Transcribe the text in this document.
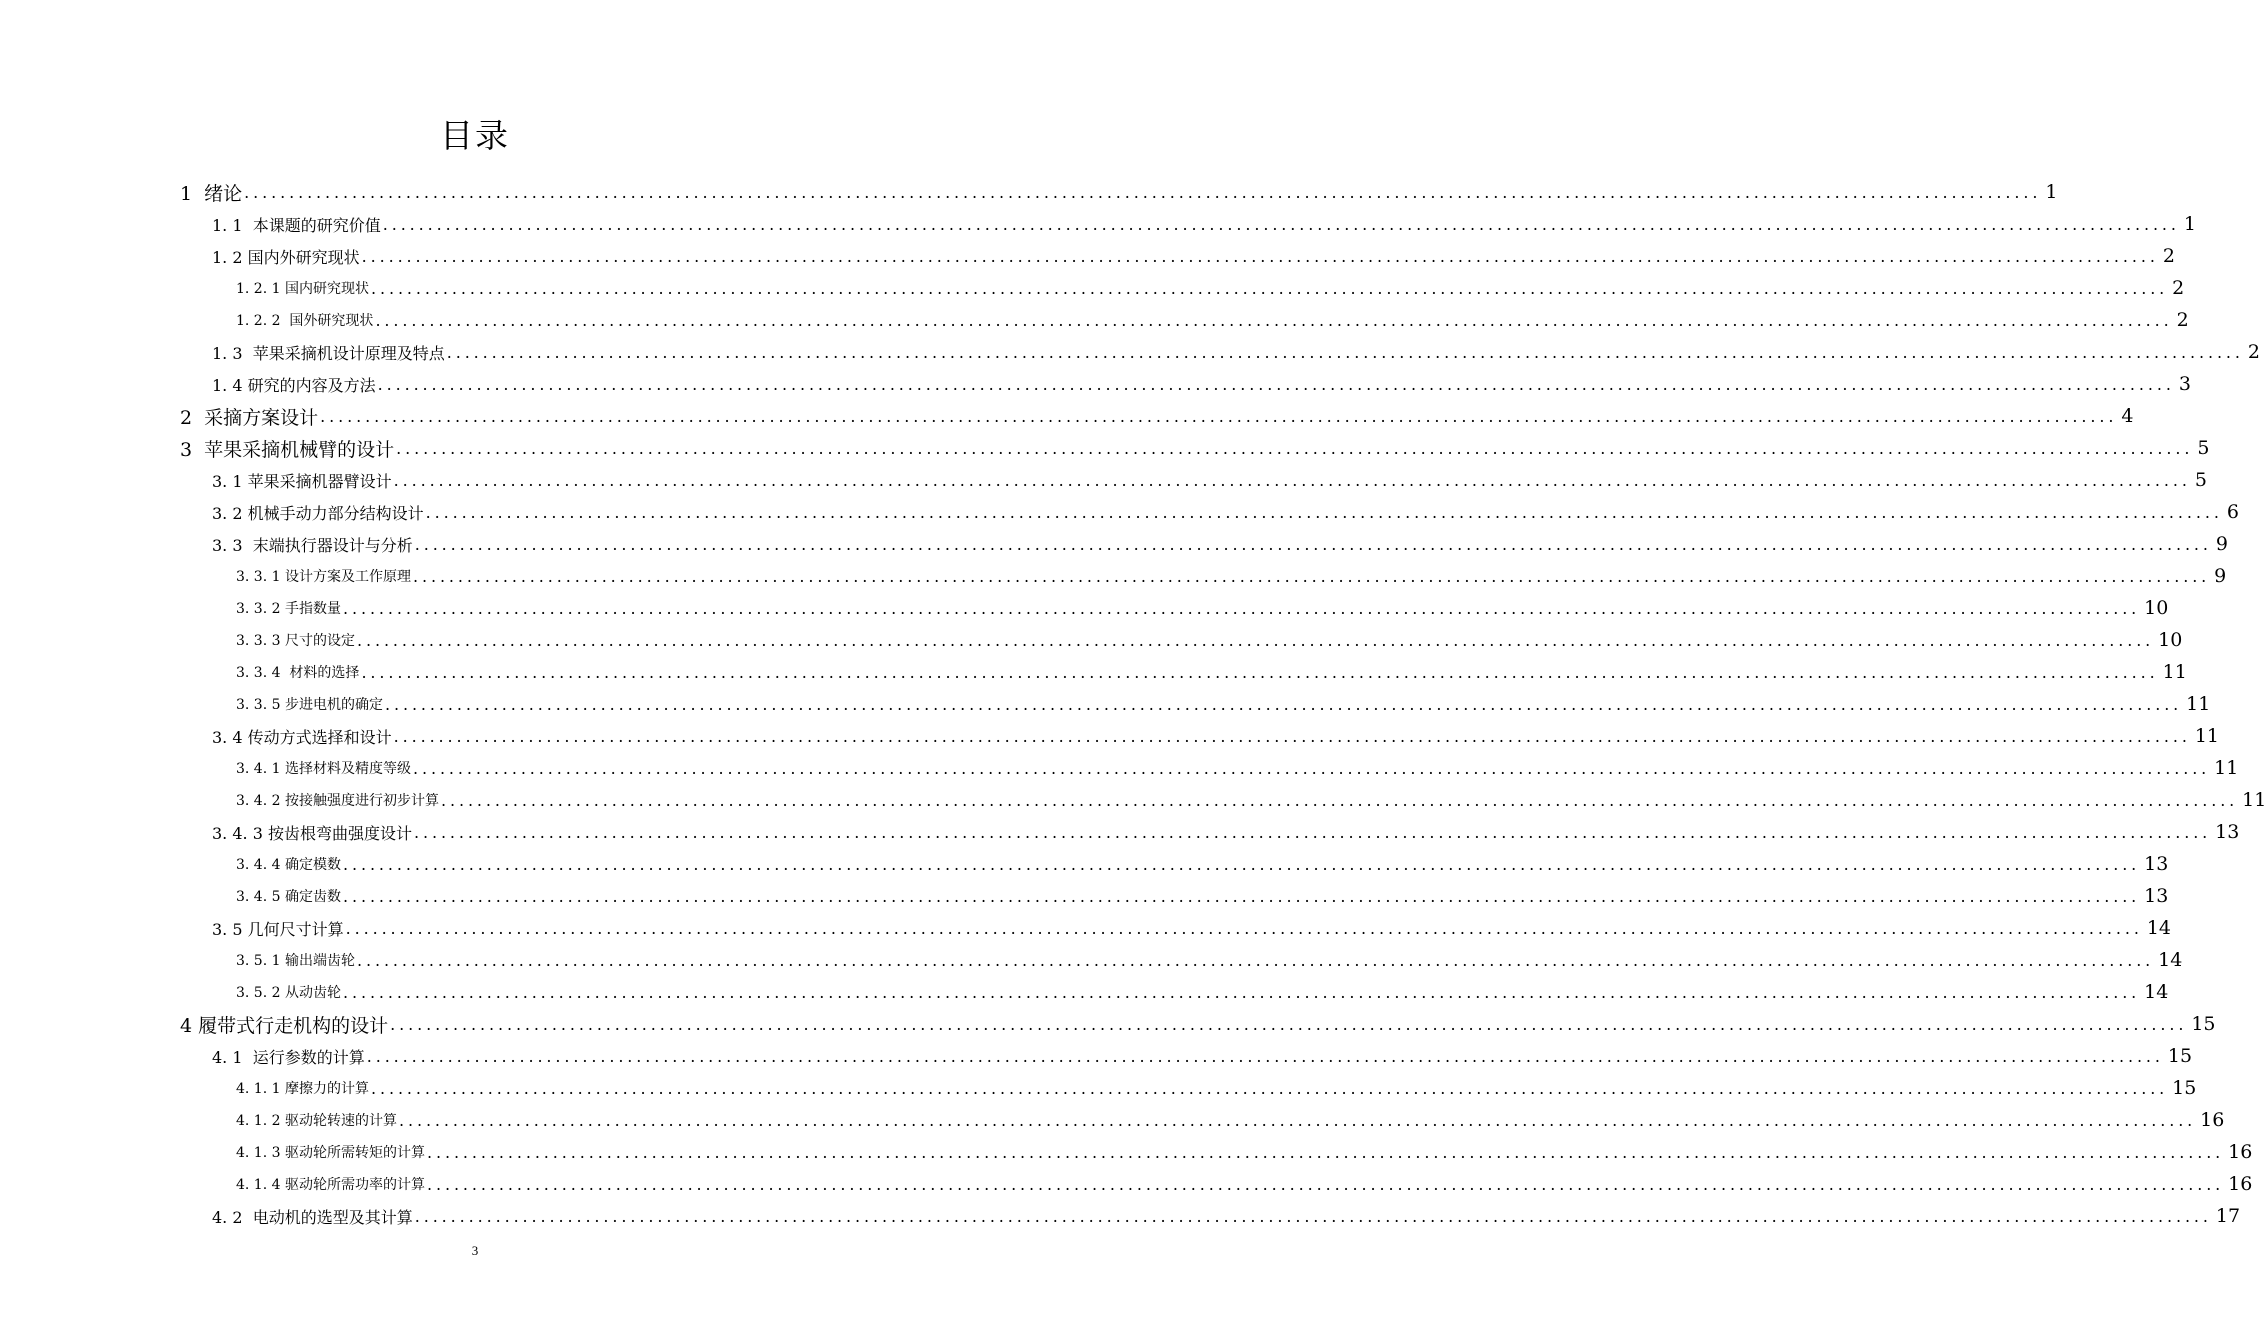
目录
1  绪论 ........................................................................................................................................................................................................ 1
1. 1  本课题的研究价值 ........................................................................................................................................................................................................ 1
1. 2 国内外研究现状 ........................................................................................................................................................................................................ 2
1. 2. 1 国内研究现状 ........................................................................................................................................................................................................ 2
1. 2. 2  国外研究现状 ........................................................................................................................................................................................................ 2
1. 3  苹果采摘机设计原理及特点 ........................................................................................................................................................................................................ 2
1. 4 研究的内容及方法 ........................................................................................................................................................................................................ 3
2  采摘方案设计 ........................................................................................................................................................................................................ 4
3  苹果采摘机械臂的设计 ........................................................................................................................................................................................................ 5
3. 1 苹果采摘机器臂设计 ........................................................................................................................................................................................................ 5
3. 2 机械手动力部分结构设计 ........................................................................................................................................................................................................ 6
3. 3  末端执行器设计与分析 ........................................................................................................................................................................................................ 9
3. 3. 1 设计方案及工作原理 ........................................................................................................................................................................................................ 9
3. 3. 2 手指数量 ........................................................................................................................................................................................................ 10
3. 3. 3 尺寸的设定 ........................................................................................................................................................................................................ 10
3. 3. 4  材料的选择 ........................................................................................................................................................................................................ 11
3. 3. 5 步进电机的确定 ........................................................................................................................................................................................................ 11
3. 4 传动方式选择和设计 ........................................................................................................................................................................................................ 11
3. 4. 1 选择材料及精度等级 ........................................................................................................................................................................................................ 11
3. 4. 2 按接触强度进行初步计算 ........................................................................................................................................................................................................ 11
3. 4. 3 按齿根弯曲强度设计 ........................................................................................................................................................................................................ 13
3. 4. 4 确定模数 ........................................................................................................................................................................................................ 13
3. 4. 5 确定齿数 ........................................................................................................................................................................................................ 13
3. 5 几何尺寸计算 ........................................................................................................................................................................................................ 14
3. 5. 1 输出端齿轮 ........................................................................................................................................................................................................ 14
3. 5. 2 从动齿轮 ........................................................................................................................................................................................................ 14
4 履带式行走机构的设计 ........................................................................................................................................................................................................ 15
4. 1  运行参数的计算 ........................................................................................................................................................................................................ 15
4. 1. 1 摩擦力的计算 ........................................................................................................................................................................................................ 15
4. 1. 2 驱动轮转速的计算 ........................................................................................................................................................................................................ 16
4. 1. 3 驱动轮所需转矩的计算 ........................................................................................................................................................................................................ 16
4. 1. 4 驱动轮所需功率的计算 ........................................................................................................................................................................................................ 16
4. 2  电动机的选型及其计算 ........................................................................................................................................................................................................ 17
3
